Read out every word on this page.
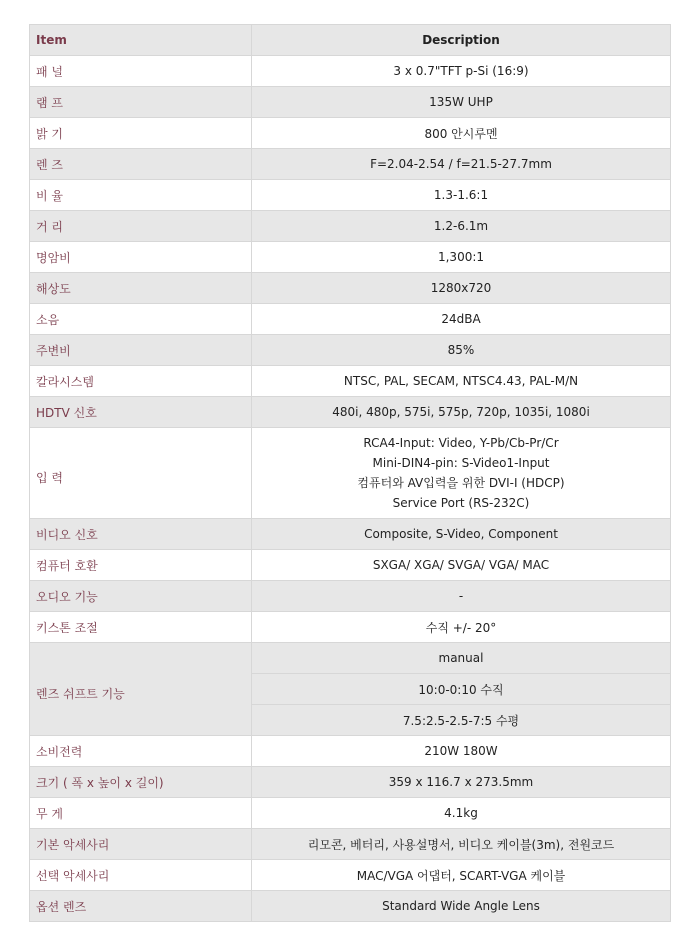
Item	Description
패 널	3 x 0.7"TFT p-Si (16:9)
램 프	135W UHP
밝 기	800 안시루멘
렌 즈	F=2.04-2.54 / f=21.5-27.7mm
비 율	1.3-1.6:1
거 리	1.2-6.1m
명암비	1,300:1
해상도	1280x720
소음	24dBA
주변비	85%
칼라시스템	NTSC, PAL, SECAM, NTSC4.43, PAL-M/N
HDTV 신호	480i, 480p, 575i, 575p, 720p, 1035i, 1080i
입 력	RCA4-Input: Video, Y-Pb/Cb-Pr/Cr
Mini-DIN4-pin: S-Video1-Input
컴퓨터와 AV입력을 위한 DVI-I (HDCP)
Service Port (RS-232C)

비디오 신호	Composite, S-Video, Component
컴퓨터 호환	SXGA/ XGA/ SVGA/ VGA/ MAC
오디오 기능	-
키스톤 조절	수직 +/- 20°
렌즈 쉬프트 기능	manual
	10:0-0:10 수직
	7.5:2.5-2.5-7:5 수평
소비전력	210W 180W
크기 ( 폭 x 높이 x 길이)	359 x 116.7 x 273.5mm
무 게	4.1kg
기본 악세사리	리모콘, 베터리, 사용설명서, 비디오 케이블(3m), 전원코드
선택 악세사리	MAC/VGA 어댑터, SCART-VGA 케이블
옵션 렌즈	Standard Wide Angle Lens
